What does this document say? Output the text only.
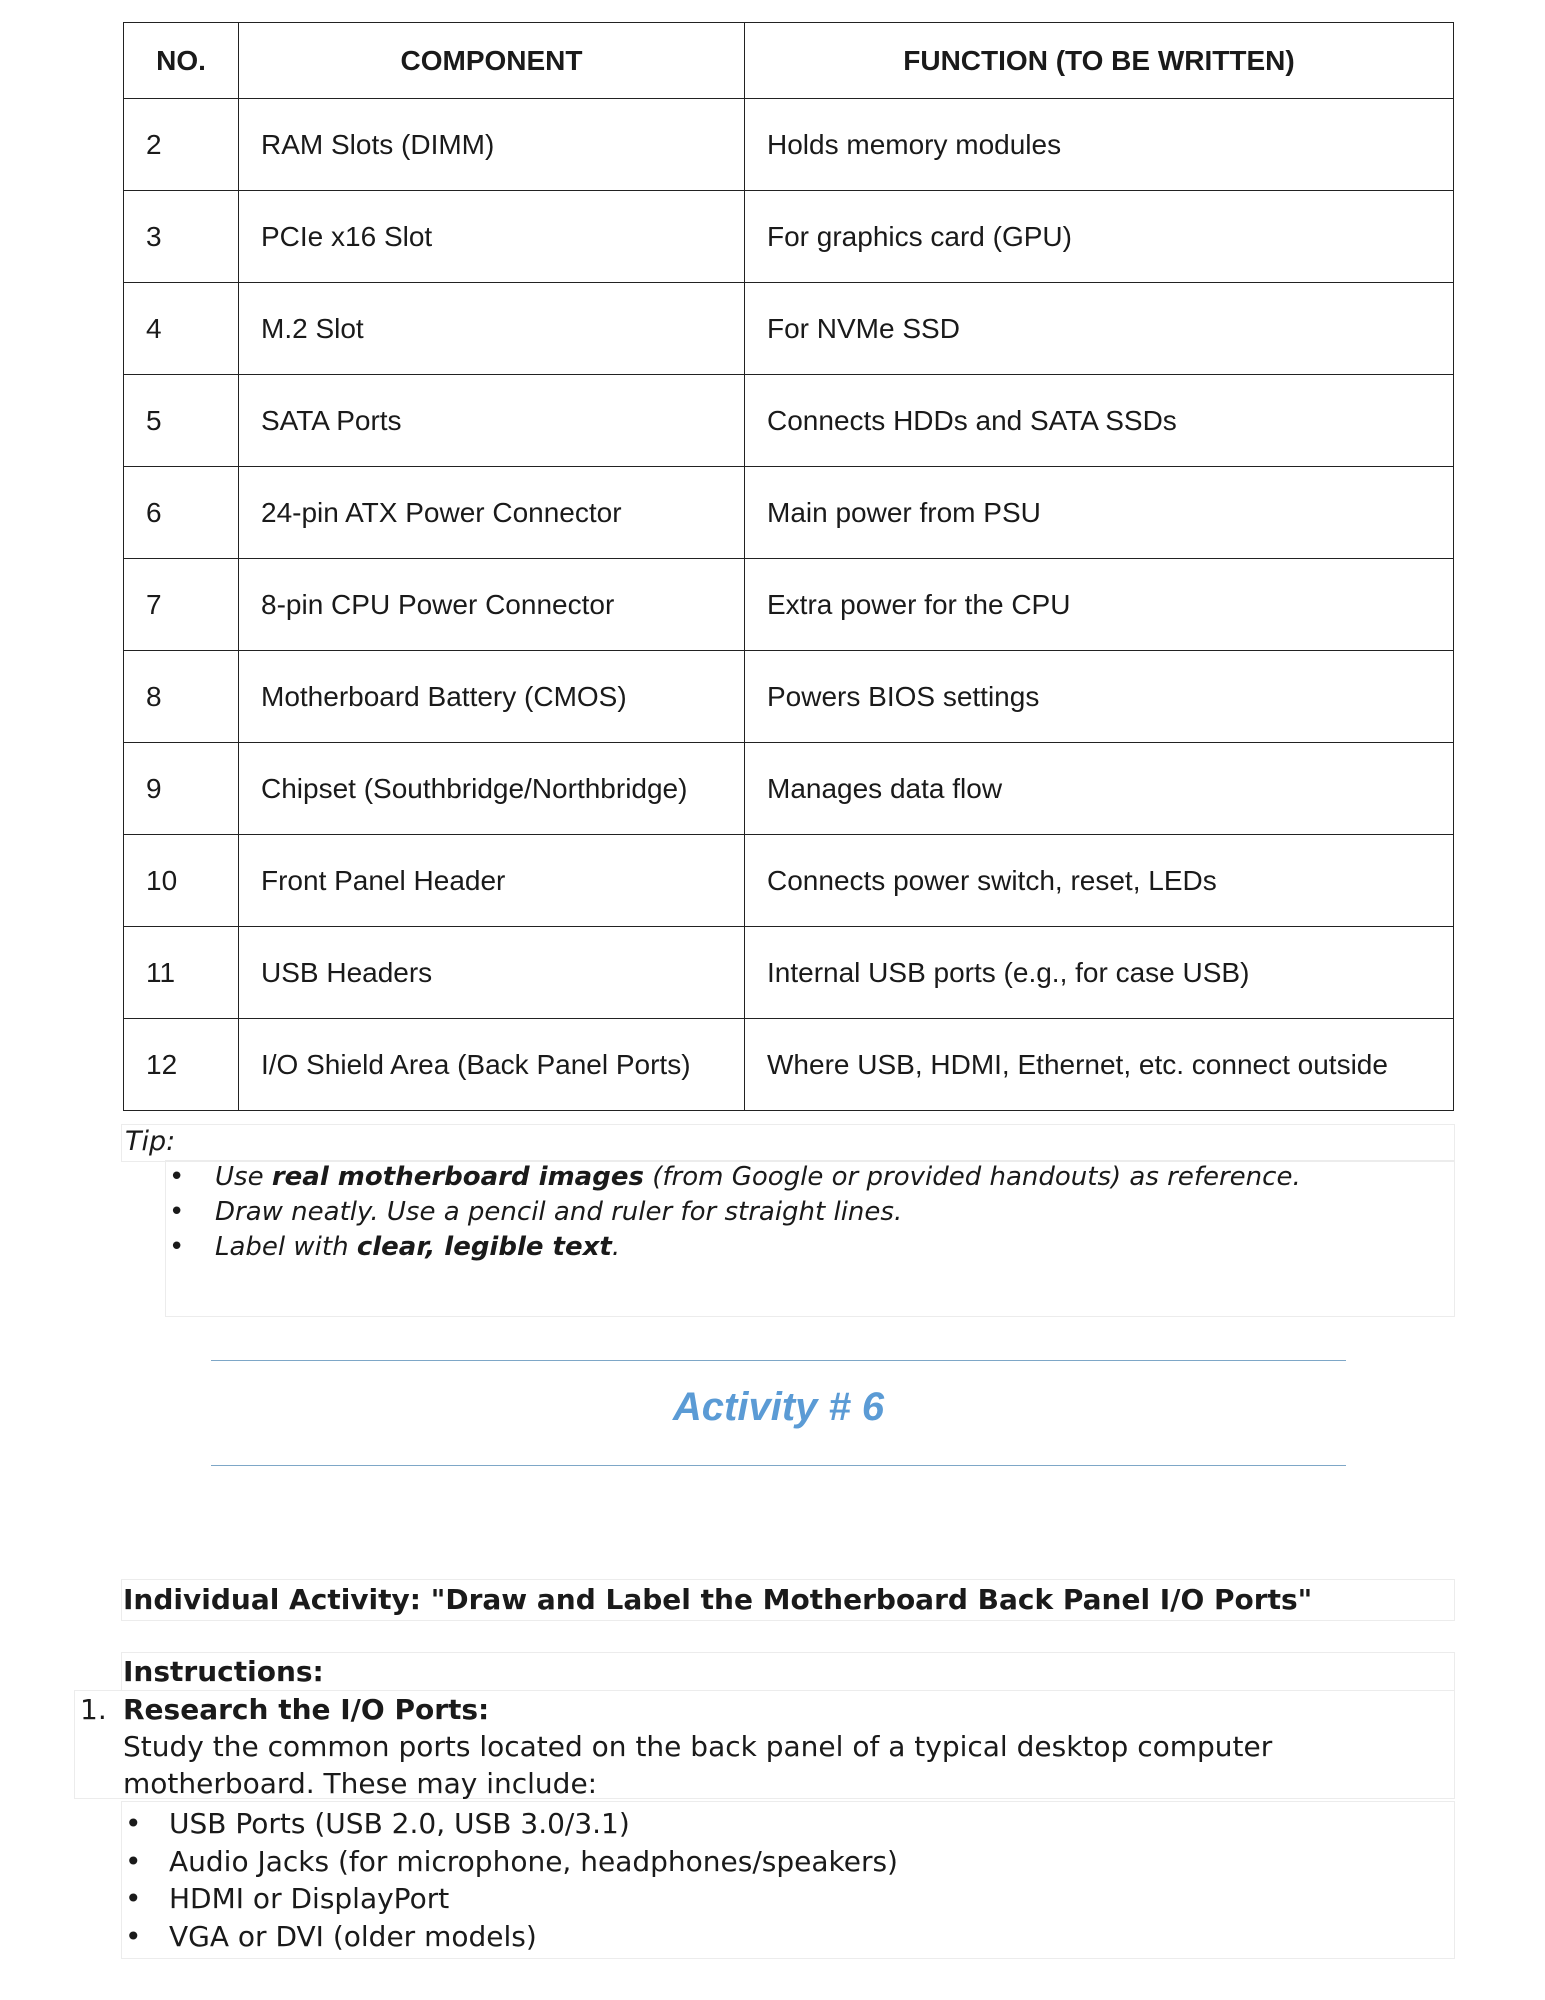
NO.	COMPONENT	FUNCTION (TO BE WRITTEN)
2	RAM Slots (DIMM)	Holds memory modules
3	PCIe x16 Slot	For graphics card (GPU)
4	M.2 Slot	For NVMe SSD
5	SATA Ports	Connects HDDs and SATA SSDs
6	24-pin ATX Power Connector	Main power from PSU
7	8-pin CPU Power Connector	Extra power for the CPU
8	Motherboard Battery (CMOS)	Powers BIOS settings
9	Chipset (Southbridge/Northbridge)	Manages data flow
10	Front Panel Header	Connects power switch, reset, LEDs
11	USB Headers	Internal USB ports (e.g., for case USB)
12	I/O Shield Area (Back Panel Ports)	Where USB, HDMI, Ethernet, etc. connect outside
Tip:
• Use real motherboard images (from Google or provided handouts) as reference.
• Draw neatly. Use a pencil and ruler for straight lines.
• Label with clear, legible text.
Activity # 6
Individual Activity: "Draw and Label the Motherboard Back Panel I/O Ports"
Instructions:
1. Research the I/O Ports:

Study the common ports located on the back panel of a typical desktop computer motherboard. These may include:

• USB Ports (USB 2.0, USB 3.0/3.1)
• Audio Jacks (for microphone, headphones/speakers)
• HDMI or DisplayPort
• VGA or DVI (older models)
